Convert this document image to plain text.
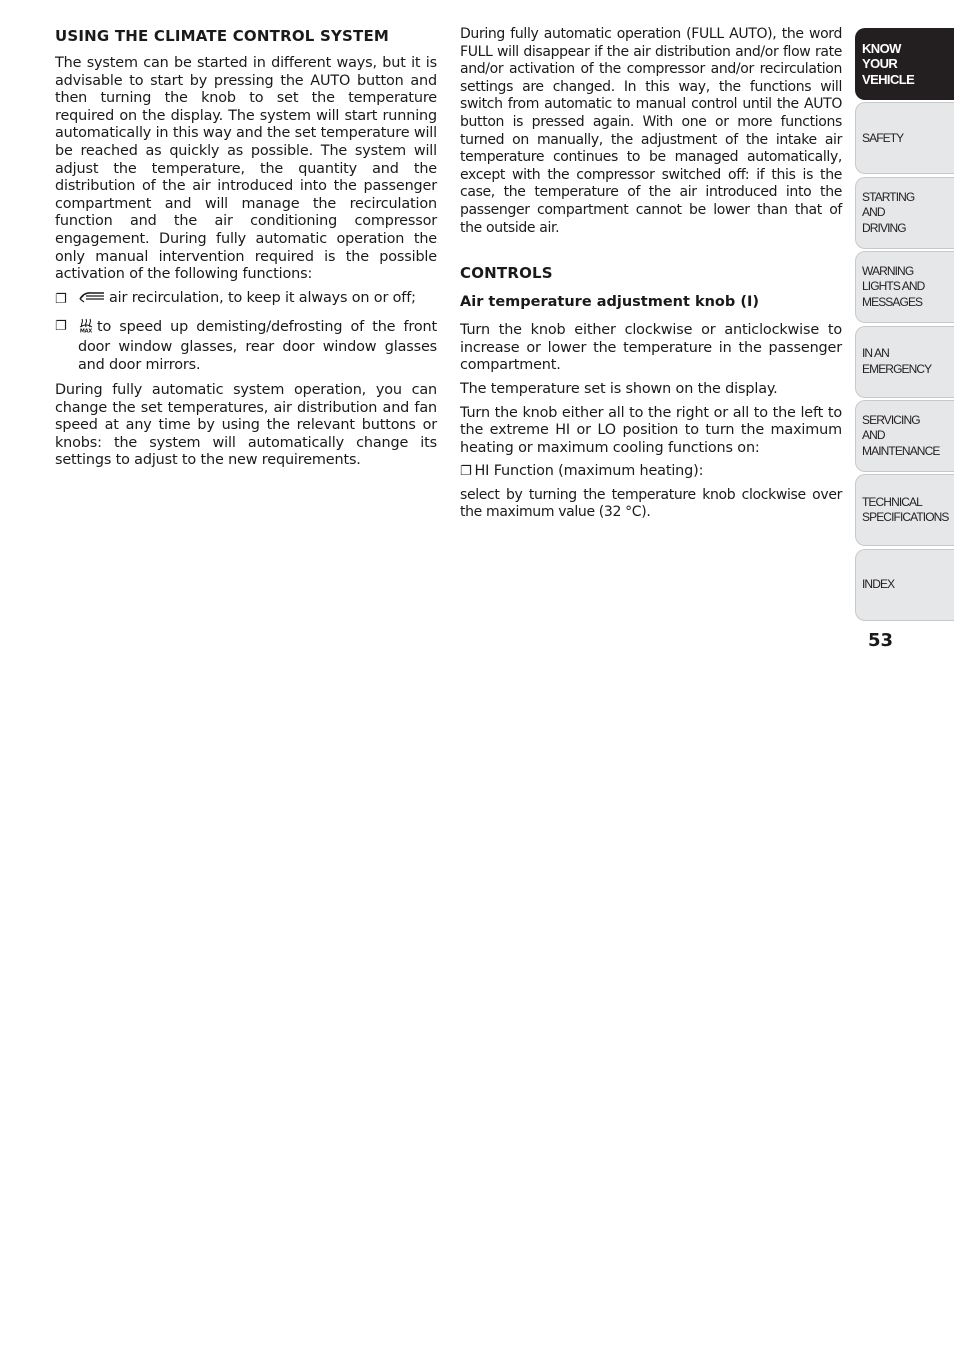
USING THE CLIMATE CONTROL SYSTEM

The system can be started in different ways, but it is advisable to start by pressing the AUTO button and then turning the knob to set the temperature required on the display. The system will start running automatically in this way and the set temperature will be reached as quickly as possible. The system will adjust the temperature, the quantity and the distribution of the air introduced into the passenger compartment and will manage the recirculation function and the air conditioning compressor engagement. During fully automatic operation the only manual intervention required is the possible activation of the following functions:

❐	air recirculation, to keep it always on or off;
❐	MAX to speed up demisting/defrosting of the front door window glasses, rear door window glasses and door mirrors.

During fully automatic system operation, you can change the set temperatures, air distribution and fan speed at any time by using the relevant buttons or knobs: the system will automatically change its settings to adjust to the new requirements.

During fully automatic operation (FULL AUTO), the word FULL will disappear if the air distribution and/or flow rate and/or activation of the compressor and/or recirculation settings are changed. In this way, the functions will switch from automatic to manual control until the AUTO button is pressed again. With one or more functions turned on manually, the adjustment of the intake air temperature continues to be managed automatically, except with the compressor switched off: if this is the case, the temperature of the air introduced into the passenger compartment cannot be lower than that of the outside air.

CONTROLS
Air temperature adjustment knob (I)

Turn the knob either clockwise or anticlockwise to increase or lower the temperature in the passenger compartment.

The temperature set is shown on the display.

Turn the knob either all to the right or all to the left to the extreme HI or LO position to turn the maximum heating or maximum cooling functions on:

❐ HI Function (maximum heating):

select by turning the temperature knob clockwise over the maximum value (32 °C).

KNOW
YOUR
VEHICLE
SAFETY
STARTING
AND
DRIVING
WARNING
LIGHTS AND
MESSAGES
IN AN
EMERGENCY
SERVICING
AND
MAINTENANCE
TECHNICAL
SPECIFICATIONS
INDEX
53
